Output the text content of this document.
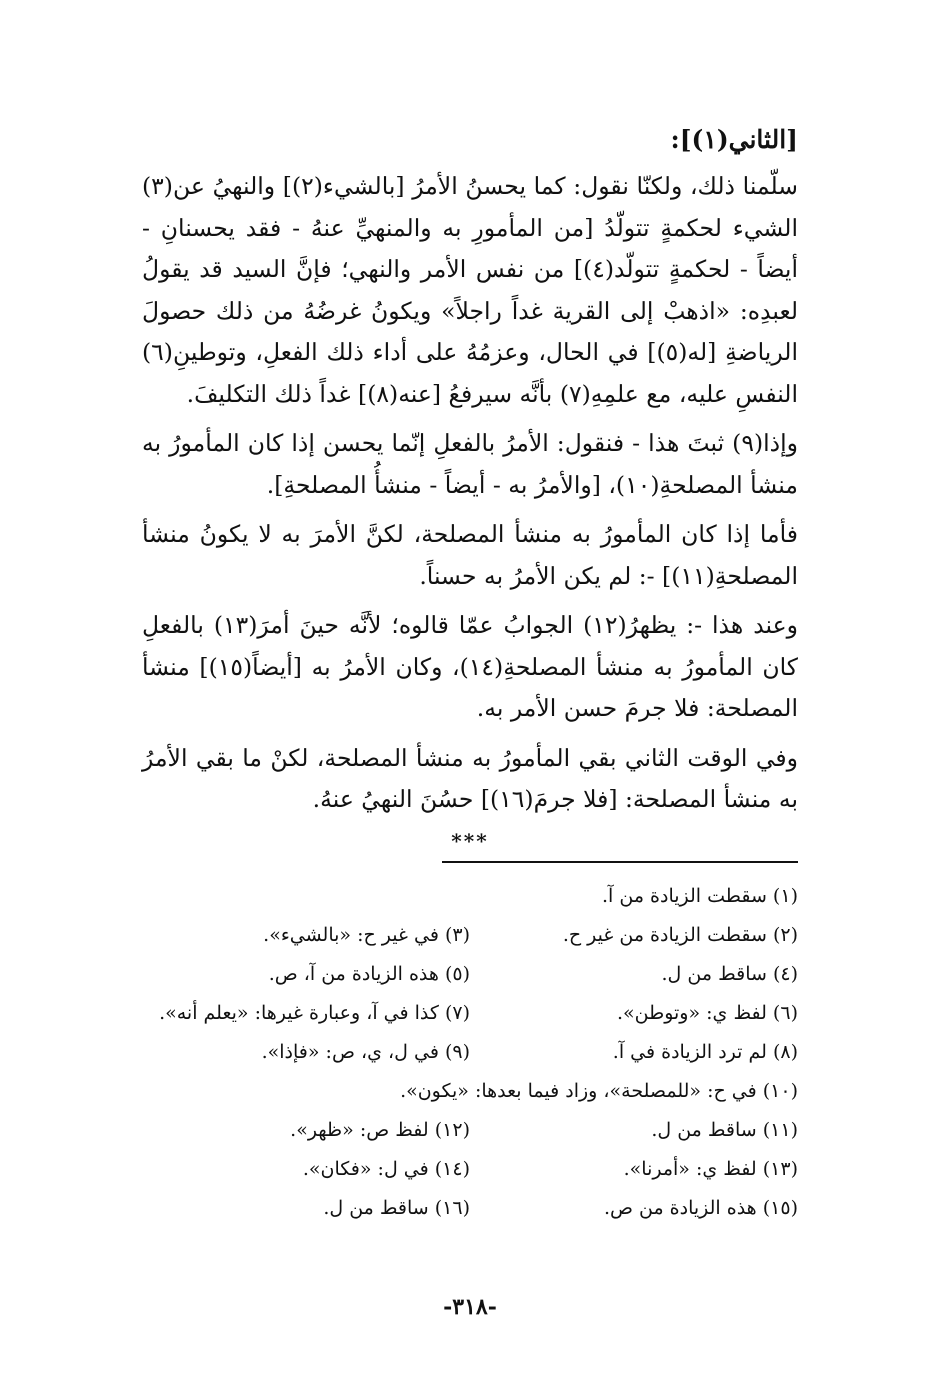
[الثاني(١)]:

سلّمنا ذلك، ولكنّا نقول: كما يحسنُ الأمرُ [بالشيء(٢)] والنهيُ عن(٣) الشيء لحكمةٍ تتولّدُ [من المأمورِ به والمنهيِّ عنهُ - فقد يحسنانِ - أيضاً - لحكمةٍ تتولّد(٤)] من نفس الأمر والنهي؛ فإنَّ السيد قد يقولُ لعبدِه: «اذهبْ إلى القرية غداً راجلاً» ويكونُ غرضُهُ من ذلك حصولَ الرياضةِ [له(٥)] في الحال، وعزمُهُ على أداء ذلك الفعلِ، وتوطينِ(٦) النفسِ عليه، مع علمِهِ(٧) بأنَّه سيرفعُ [عنه(٨)] غداً ذلك التكليفَ.

وإذا(٩) ثبتَ هذا - فنقول: الأمرُ بالفعلِ إنّما يحسن إذا كان المأمورُ به منشأ المصلحةِ(١٠)، [والأمرُ به - أيضاً - منشأُ المصلحةِ].

فأما إذا كان المأمورُ به منشأ المصلحة، لكنَّ الأمرَ به لا يكونُ منشأ المصلحةِ(١١)] -: لم يكن الأمرُ به حسناً.

وعند هذا -: يظهرُ(١٢) الجوابُ عمّا قالوه؛ لأنَّه حينَ أمرَ(١٣) بالفعلِ كان المأمورُ به منشأ المصلحةِ(١٤)، وكان الأمرُ به [أيضاً(١٥)] منشأ المصلحة: فلا جرمَ حسن الأمر به.

وفي الوقت الثاني بقي المأمورُ به منشأ المصلحة، لكنْ ما بقي الأمرُ به منشأ المصلحة: [فلا جرمَ(١٦)] حسُنَ النهيُ عنهُ.

***
(١) سقطت الزيادة من آ.
(٢) سقطت الزيادة من غير ح.
(٣) في غير ح: «بالشيء».
(٤) ساقط من ل.
(٥) هذه الزيادة من آ، ص.
(٦) لفظ ي: «وتوطن».
(٧) كذا في آ، وعبارة غيرها: «يعلم أنه».
(٨) لم ترد الزيادة في آ.
(٩) في ل، ي، ص: «فإذا».
(١٠) في ح: «للمصلحة»، وزاد فيما بعدها: «يكون».
(١١) ساقط من ل.
(١٢) لفظ ص: «ظهر».
(١٣) لفظ ي: «أمرنا».
(١٤) في ل: «فكان».
(١٥) هذه الزيادة من ص.
(١٦) ساقط من ل.
-٣١٨-
